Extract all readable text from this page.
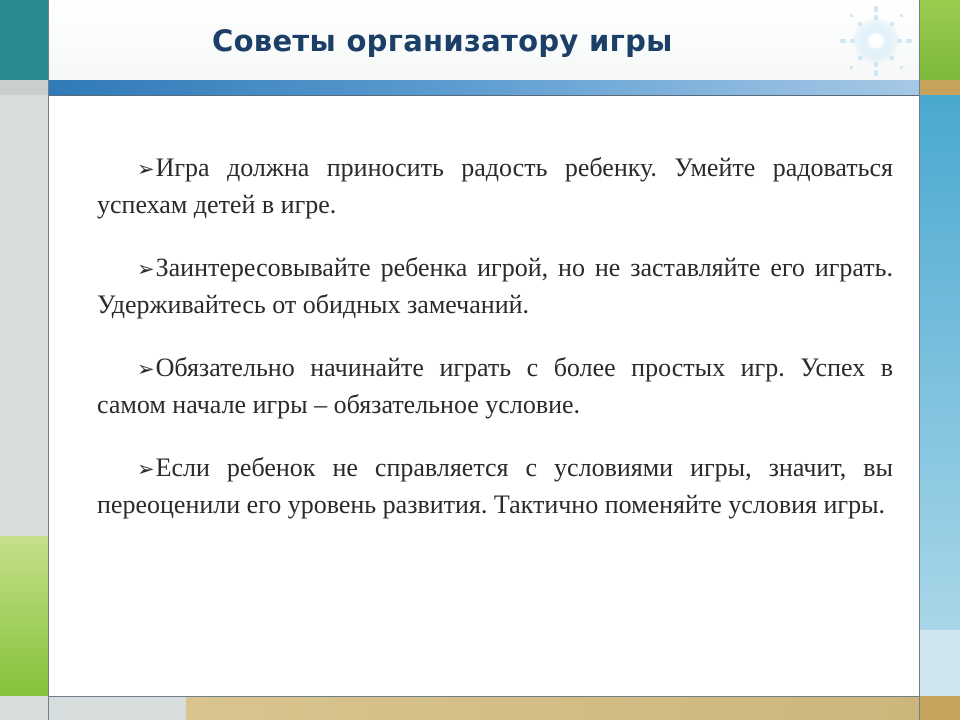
Советы организатору игры

➢Игра должна приносить радость ребенку. Умейте радоваться успехам детей в игре.

➢Заинтересовывайте ребенка игрой, но не заставляйте его играть. Удерживайтесь от обидных замечаний.

➢Обязательно начинайте играть с более простых игр. Успех в самом начале игры – обязательное условие.

➢Если ребенок не справляется с условиями игры, значит, вы переоценили его уровень развития. Тактично поменяйте условия игры.
